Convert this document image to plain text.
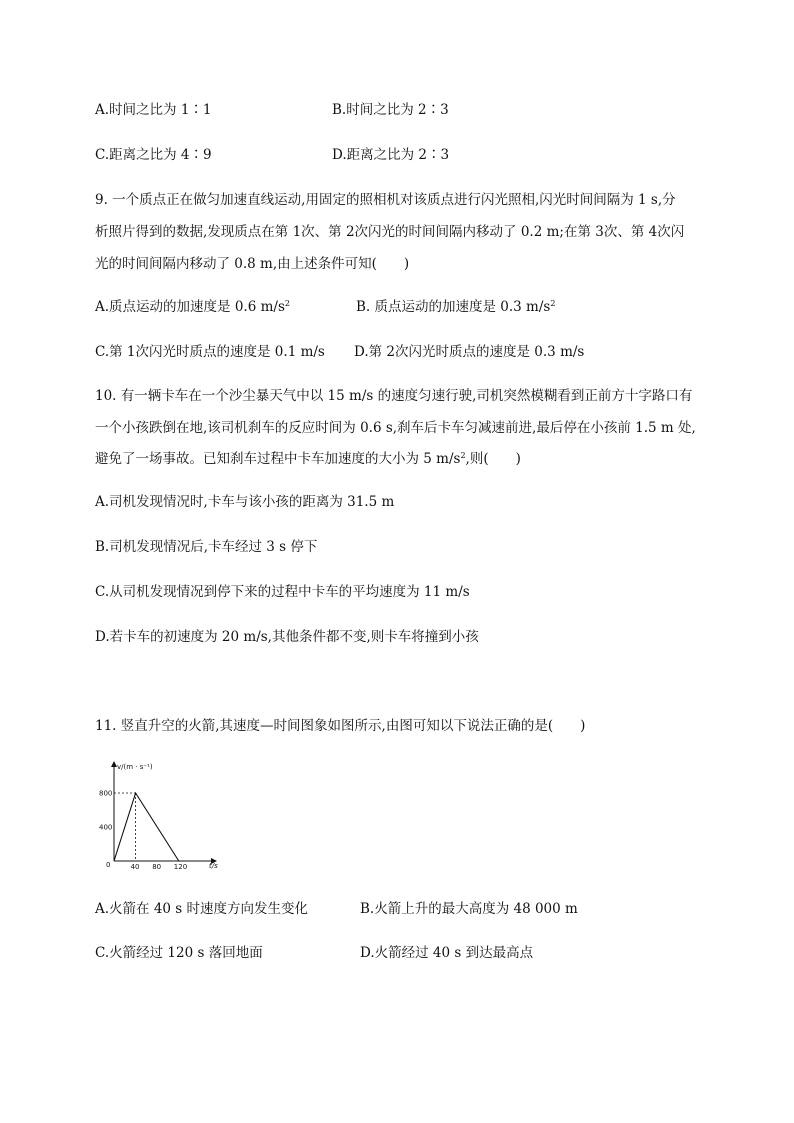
A.时间之比为 1∶1	B.时间之比为 2∶3
C.距离之比为 4∶9	D.距离之比为 2∶3
9. 一个质点正在做匀加速直线运动,用固定的照相机对该质点进行闪光照相,闪光时间间隔为 1 s,分
析照片得到的数据,发现质点在第 1次、第 2次闪光的时间间隔内移动了 0.2 m;在第 3次、第 4次闪
光的时间间隔内移动了 0.8 m,由上述条件可知(　　)
A.质点运动的加速度是 0.6 $m/s^2$	B. 质点运动的加速度是 0.3 $m/s^2$
C.第 1次闪光时质点的速度是 0.1 m/s D.第 2次闪光时质点的速度是 0.3 m/s
10. 有一辆卡车在一个沙尘暴天气中以 15 m/s 的速度匀速行驶,司机突然模糊看到正前方十字路口有
一个小孩跌倒在地,该司机刹车的反应时间为 0.6 s,刹车后卡车匀减速前进,最后停在小孩前 1.5 m 处,
避免了一场事故。已知刹车过程中卡车加速度的大小为 5 $m/s^2$,则(　　)
A.司机发现情况时,卡车与该小孩的距离为 31.5 m
B.司机发现情况后,卡车经过 3 s 停下
C.从司机发现情况到停下来的过程中卡车的平均速度为 11 m/s
D.若卡车的初速度为 20 m/s,其他条件都不变,则卡车将撞到小孩
11. 竖直升空的火箭,其速度—时间图象如图所示,由图可知以下说法正确的是(　　)
v/(m · s⁻¹)
t/s
0	40 80 120
400
800
A.火箭在 40 s 时速度方向发生变化	B.火箭上升的最大高度为 48 000 m
C.火箭经过 120 s 落回地面	D.火箭经过 40 s 到达最高点
